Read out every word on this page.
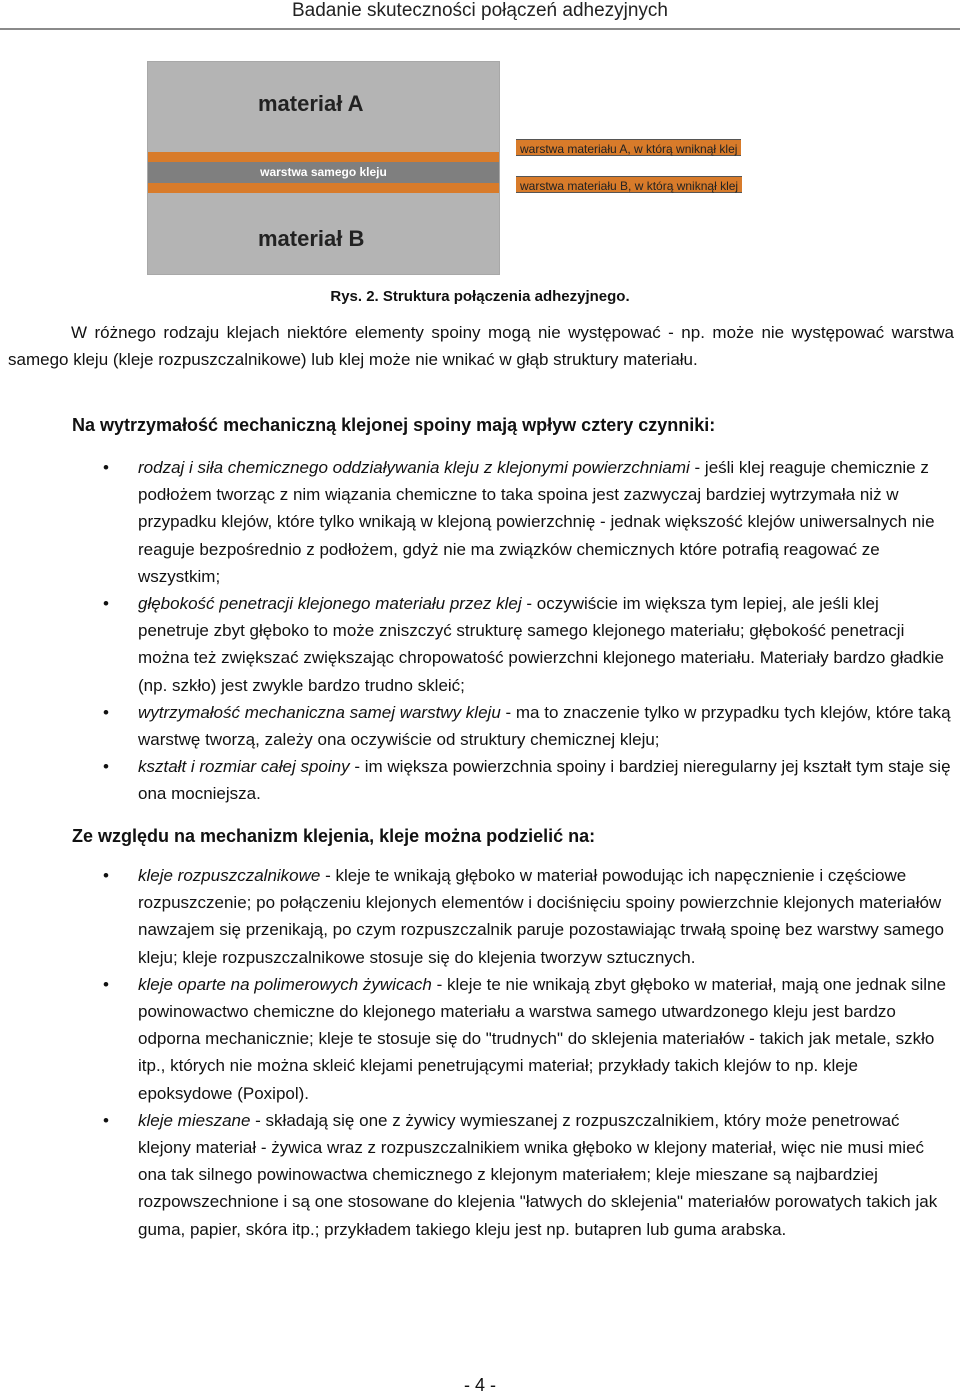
Badanie skuteczności połączeń adhezyjnych
materiał A
warstwa samego kleju
materiał B
warstwa materiału A, w którą wniknął klej
warstwa materiału B, w którą wniknął klej
Rys. 2. Struktura połączenia adhezyjnego.
W różnego rodzaju klejach niektóre elementy spoiny mogą nie występować - np. może nie występować warstwa samego kleju (kleje rozpuszczalnikowe) lub klej może nie wnikać w głąb struktury materiału.
Na wytrzymałość mechaniczną klejonej spoiny mają wpływ cztery czynniki:
• rodzaj i siła chemicznego oddziaływania kleju z klejonymi powierzchniami - jeśli klej reaguje chemicznie z podłożem tworząc z nim wiązania chemiczne to taka spoina jest zazwyczaj bardziej wytrzymała niż w przypadku klejów, które tylko wnikają w klejoną powierzchnię - jednak większość klejów uniwersalnych nie reaguje bezpośrednio z podłożem, gdyż nie ma związków chemicznych które potrafią reagować ze wszystkim;
• głębokość penetracji klejonego materiału przez klej - oczywiście im większa tym lepiej, ale jeśli klej penetruje zbyt głęboko to może zniszczyć strukturę samego klejonego materiału; głębokość penetracji można też zwiększać zwiększając chropowatość powierzchni klejonego materiału. Materiały bardzo gładkie (np. szkło) jest zwykle bardzo trudno skleić;
• wytrzymałość mechaniczna samej warstwy kleju - ma to znaczenie tylko w przypadku tych klejów, które taką warstwę tworzą, zależy ona oczywiście od struktury chemicznej kleju;
• kształt i rozmiar całej spoiny - im większa powierzchnia spoiny i bardziej nieregularny jej kształt tym staje się ona mocniejsza.
Ze względu na mechanizm klejenia, kleje można podzielić na:
• kleje rozpuszczalnikowe - kleje te wnikają głęboko w materiał powodując ich napęcznienie i częściowe rozpuszczenie; po połączeniu klejonych elementów i dociśnięciu spoiny powierzchnie klejonych materiałów nawzajem się przenikają, po czym rozpuszczalnik paruje pozostawiając trwałą spoinę bez warstwy samego kleju; kleje rozpuszczalnikowe stosuje się do klejenia tworzyw sztucznych.
• kleje oparte na polimerowych żywicach - kleje te nie wnikają zbyt głęboko w materiał, mają one jednak silne powinowactwo chemiczne do klejonego materiału a warstwa samego utwardzonego kleju jest bardzo odporna mechanicznie; kleje te stosuje się do "trudnych" do sklejenia materiałów - takich jak metale, szkło itp., których nie można skleić klejami penetrującymi materiał; przykłady takich klejów to np. kleje epoksydowe (Poxipol).
• kleje mieszane - składają się one z żywicy wymieszanej z rozpuszczalnikiem, który może penetrować klejony materiał - żywica wraz z rozpuszczalnikiem wnika głęboko w klejony materiał, więc nie musi mieć ona tak silnego powinowactwa chemicznego z klejonym materiałem; kleje mieszane są najbardziej rozpowszechnione i są one stosowane do klejenia "łatwych do sklejenia" materiałów porowatych takich jak guma, papier, skóra itp.; przykładem takiego kleju jest np. butapren lub guma arabska.
- 4 -
